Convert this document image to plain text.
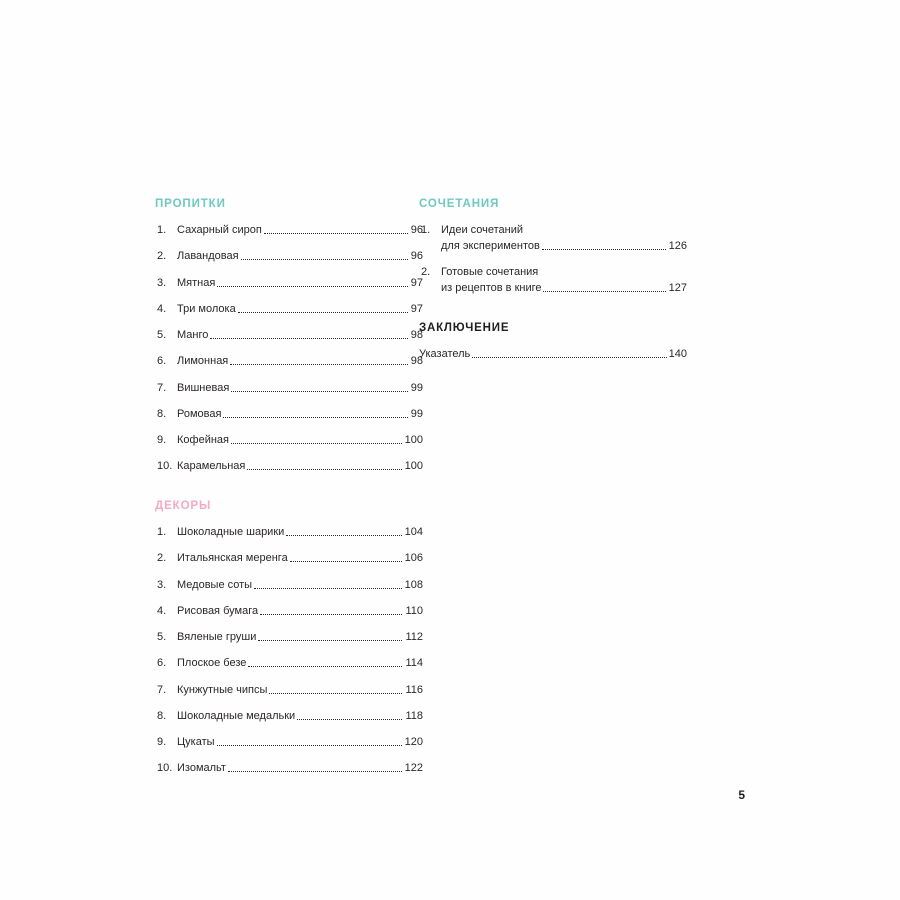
ПРОПИТКИ
1. Сахарный сироп	96
2. Лавандовая	96
3. Мятная	97
4. Три молока	97
5. Манго	98
6. Лимонная	98
7. Вишневая	99
8. Ромовая	99
9. Кофейная	100
10. Карамельная	100
ДЕКОРЫ
1. Шоколадные шарики	104
2. Итальянская меренга	106
3. Медовые соты	108
4. Рисовая бумага	110
5. Вяленые груши	112
6. Плоское безе	114
7. Кунжутные чипсы	116
8. Шоколадные медальки	118
9. Цукаты	120
10. Изомальт	122
СОЧЕТАНИЯ
1. Идеи сочетаний
для экспериментов	126
2. Готовые сочетания
из рецептов в книге	127
ЗАКЛЮЧЕНИЕ
Указатель	140
5
